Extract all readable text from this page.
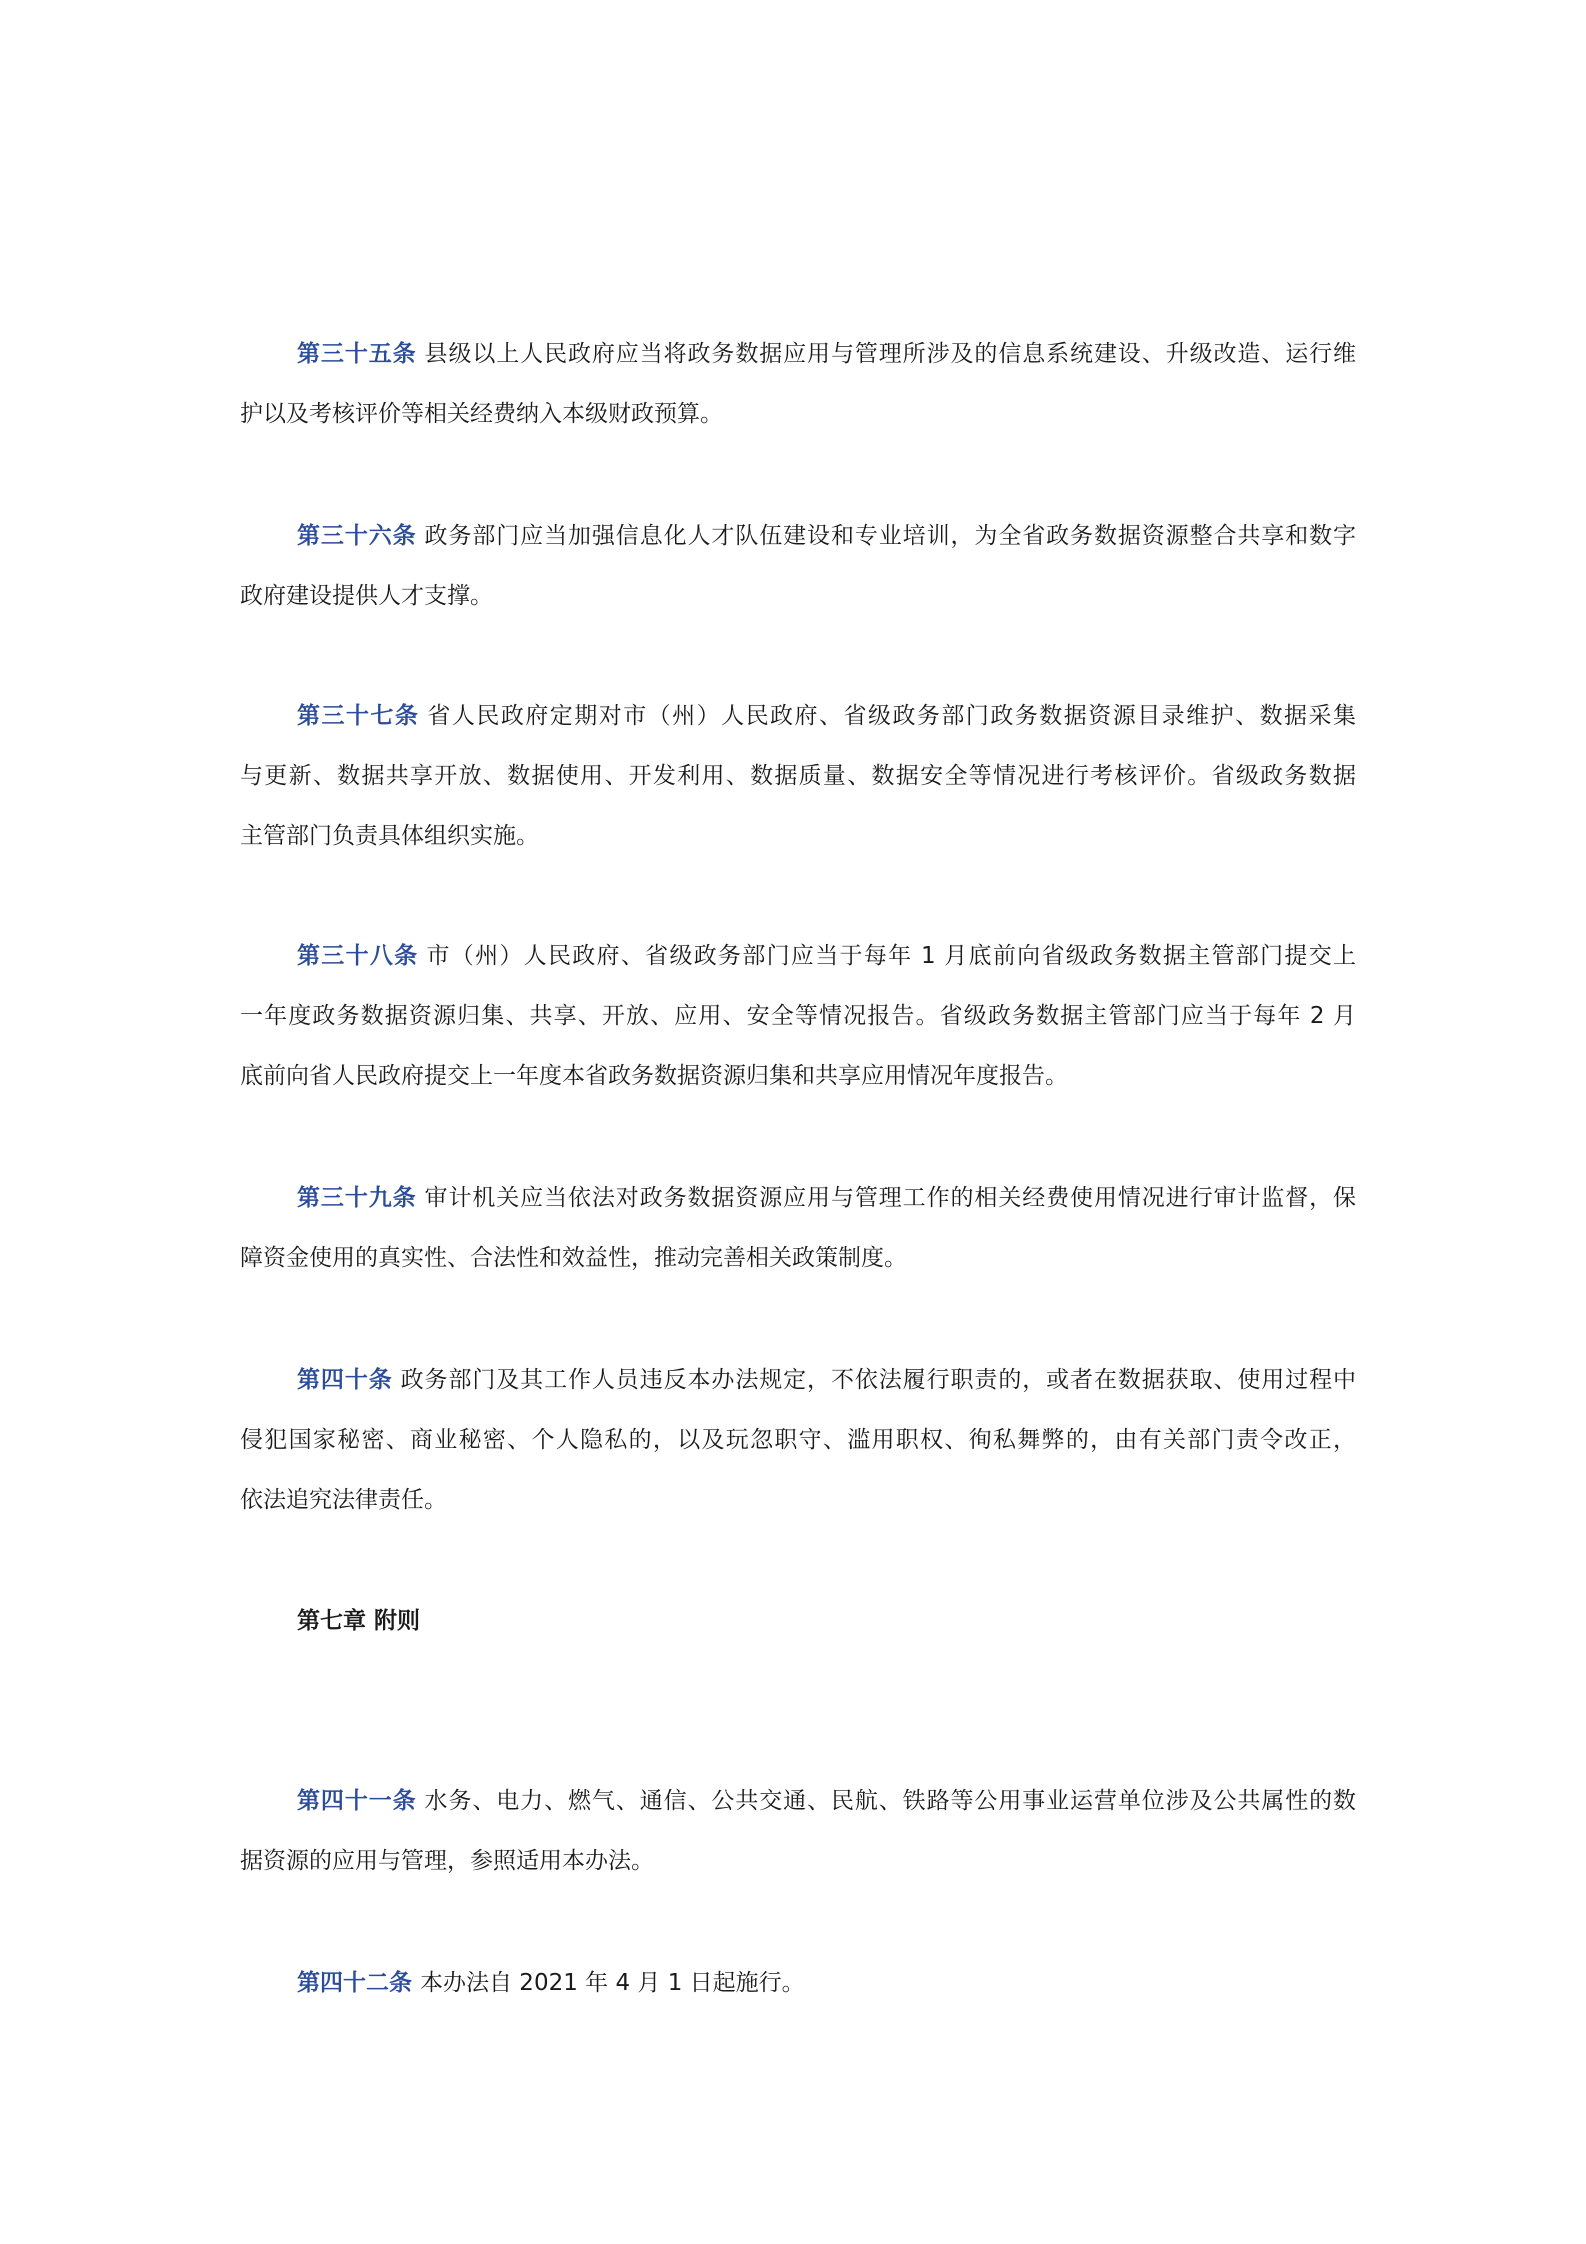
第三十五条 县级以上人民政府应当将政务数据应用与管理所涉及的信息系统建设、升级改造、运行维
护以及考核评价等相关经费纳入本级财政预算。
第三十六条 政务部门应当加强信息化人才队伍建设和专业培训，为全省政务数据资源整合共享和数字
政府建设提供人才支撑。
第三十七条 省人民政府定期对市（州）人民政府、省级政务部门政务数据资源目录维护、数据采集
与更新、数据共享开放、数据使用、开发利用、数据质量、数据安全等情况进行考核评价。省级政务数据
主管部门负责具体组织实施。
第三十八条 市（州）人民政府、省级政务部门应当于每年 1 月底前向省级政务数据主管部门提交上
一年度政务数据资源归集、共享、开放、应用、安全等情况报告。省级政务数据主管部门应当于每年 2 月
底前向省人民政府提交上一年度本省政务数据资源归集和共享应用情况年度报告。
第三十九条 审计机关应当依法对政务数据资源应用与管理工作的相关经费使用情况进行审计监督，保
障资金使用的真实性、合法性和效益性，推动完善相关政策制度。
第四十条 政务部门及其工作人员违反本办法规定，不依法履行职责的，或者在数据获取、使用过程中
侵犯国家秘密、商业秘密、个人隐私的，以及玩忽职守、滥用职权、徇私舞弊的，由有关部门责令改正，
依法追究法律责任。
第七章 附则
第四十一条 水务、电力、燃气、通信、公共交通、民航、铁路等公用事业运营单位涉及公共属性的数
据资源的应用与管理，参照适用本办法。
第四十二条 本办法自 2021 年 4 月 1 日起施行。
